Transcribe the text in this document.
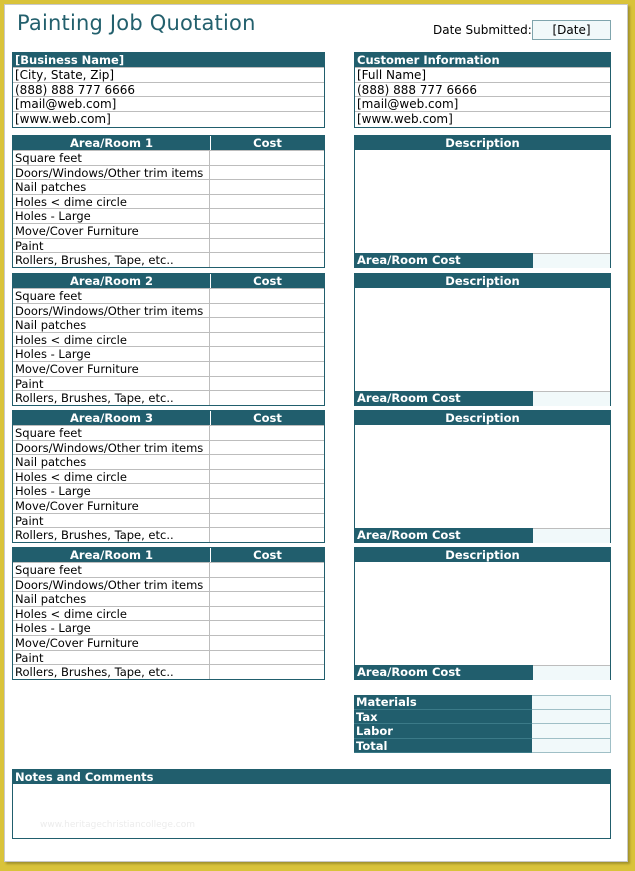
Painting Job Quotation	Date Submitted:	[Date]
[Business Name]
[City, State, Zip]
(888) 888 777 6666
[mail@web.com]
[www.web.com]
Customer Information
[Full Name]
(888) 888 777 6666
[mail@web.com]
[www.web.com]
Area/Room 1	Cost
Square feet
Doors/Windows/Other trim items
Nail patches
Holes < dime circle
Holes - Large
Move/Cover Furniture
Paint
Rollers, Brushes, Tape, etc..
Description
Area/Room Cost
Area/Room 2	Cost
Square feet
Doors/Windows/Other trim items
Nail patches
Holes < dime circle
Holes - Large
Move/Cover Furniture
Paint
Rollers, Brushes, Tape, etc..
Description
Area/Room Cost
Area/Room 3	Cost
Square feet
Doors/Windows/Other trim items
Nail patches
Holes < dime circle
Holes - Large
Move/Cover Furniture
Paint
Rollers, Brushes, Tape, etc..
Description
Area/Room Cost
Area/Room 1	Cost
Square feet
Doors/Windows/Other trim items
Nail patches
Holes < dime circle
Holes - Large
Move/Cover Furniture
Paint
Rollers, Brushes, Tape, etc..
Description
Area/Room Cost
Materials
Tax
Labor
Total
Notes and Comments
www.heritagechristiancollege.com
